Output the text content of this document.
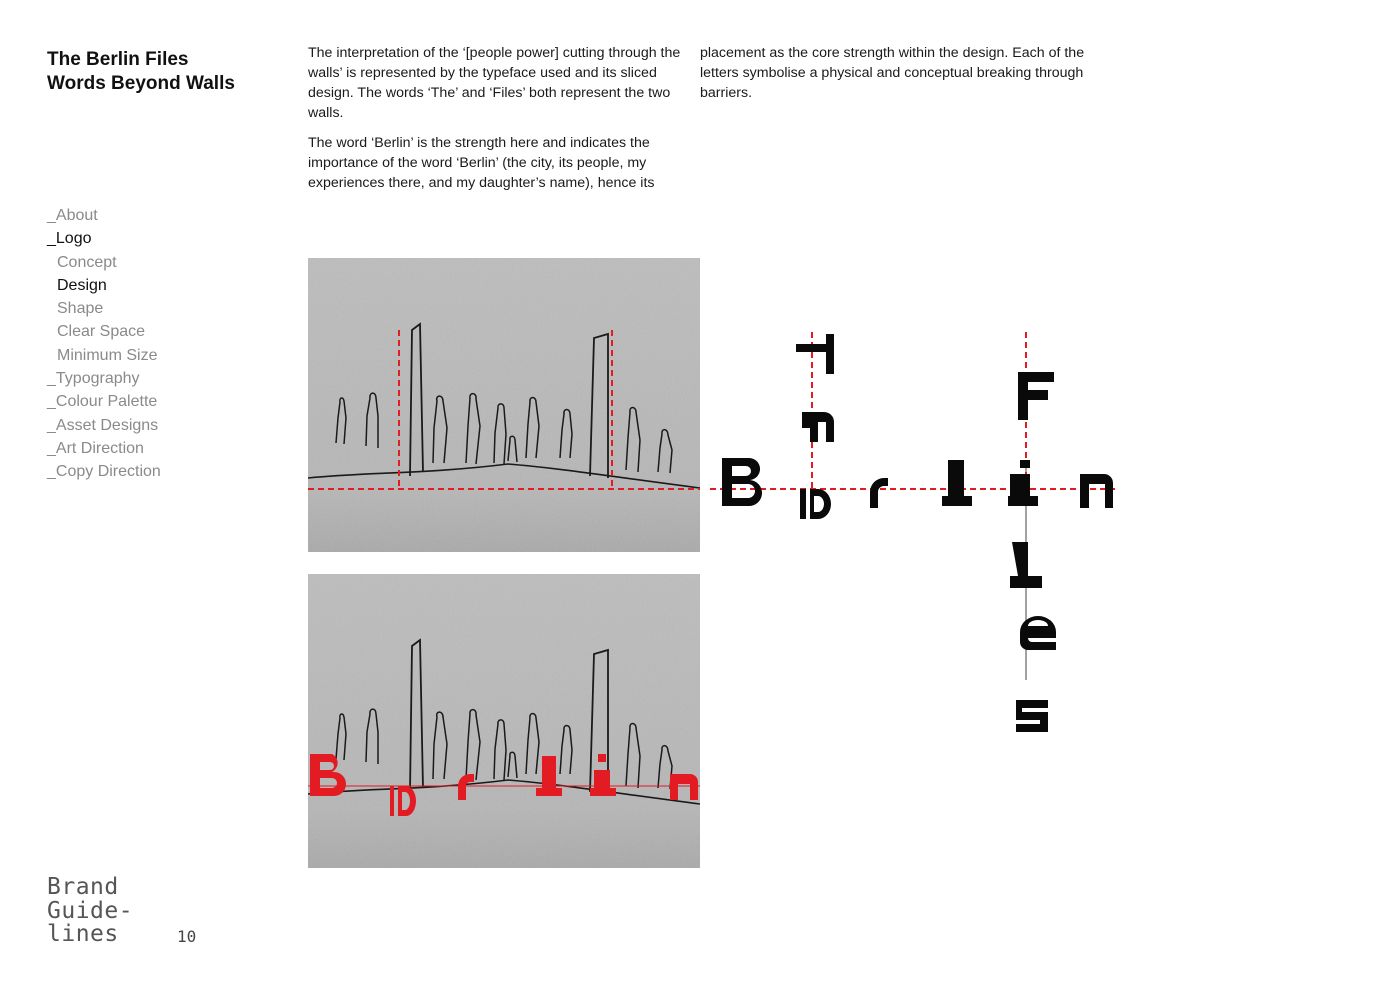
The Berlin Files
Words Beyond Walls

The interpretation of the ‘[people power] cutting through the walls’ is represented by the typeface used and its sliced design. The words ‘The’ and ‘Files’ both represent the two walls.

The word ‘Berlin’ is the strength here and indicates the importance of the word ‘Berlin’ (the city, its people, my experiences there, and my daughter’s name), hence its

placement as the core strength within the design. Each of the letters symbolise a physical and conceptual breaking through barriers.

_About
_Logo
Concept
Design
Shape
Clear Space
Minimum Size
_Typography
_Colour Palette
_Asset Designs
_Art Direction
_Copy Direction
Brand
Guide-
lines	10
